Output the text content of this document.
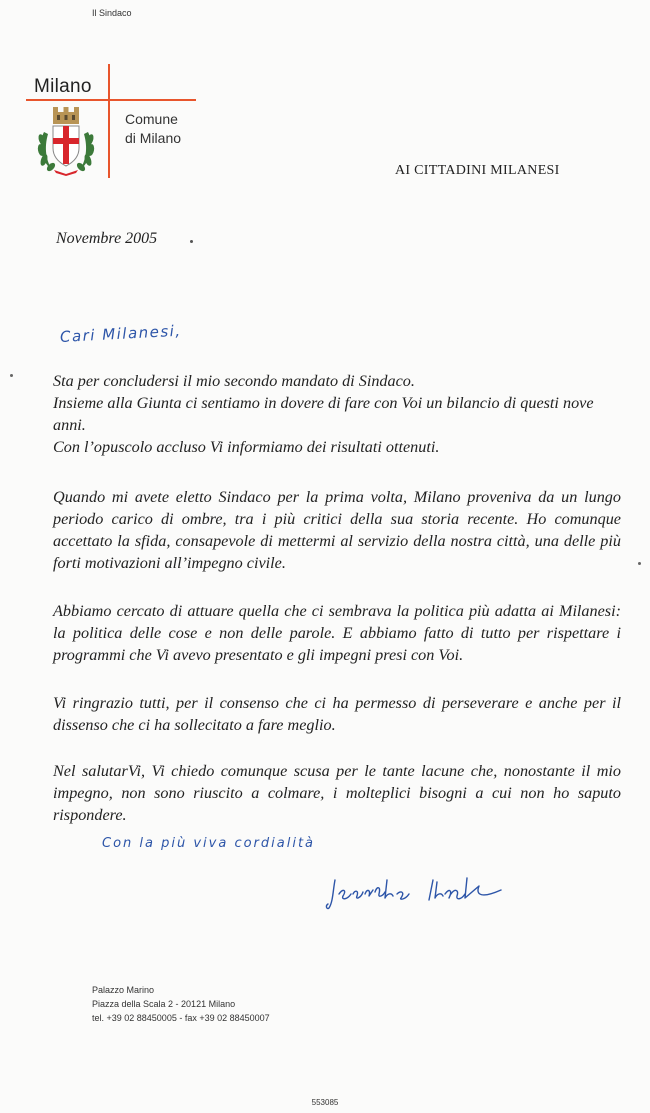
Il Sindaco
Milano
Comune
di Milano
AI CITTADINI MILANESI
Novembre 2005
Cari Milanesi,
Sta per concludersi il mio secondo mandato di Sindaco.
Insieme alla Giunta ci sentiamo in dovere di fare con Voi un bilancio di questi nove anni.
Con l’opuscolo accluso Vi informiamo dei risultati ottenuti.
Quando mi avete eletto Sindaco per la prima volta, Milano proveniva da un lungo periodo carico di ombre, tra i più critici della sua storia recente. Ho comunque accettato la sfida, consapevole di mettermi al servizio della nostra città, una delle più forti motivazioni all’impegno civile.
Abbiamo cercato di attuare quella che ci sembrava la politica più adatta ai Milanesi: la politica delle cose e non delle parole. E abbiamo fatto di tutto per rispettare i programmi che Vi avevo presentato e gli impegni presi con Voi.
Vi ringrazio tutti, per il consenso che ci ha permesso di perseverare e anche per il dissenso che ci ha sollecitato a fare meglio.
Nel salutarVi, Vi chiedo comunque scusa per le tante lacune che, nonostante il mio impegno, non sono riuscito a colmare, i molteplici bisogni a cui non ho saputo rispondere.
Con la più viva cordialità
Palazzo Marino
Piazza della Scala 2 - 20121 Milano
tel. +39 02 88450005 - fax +39 02 88450007
553085
